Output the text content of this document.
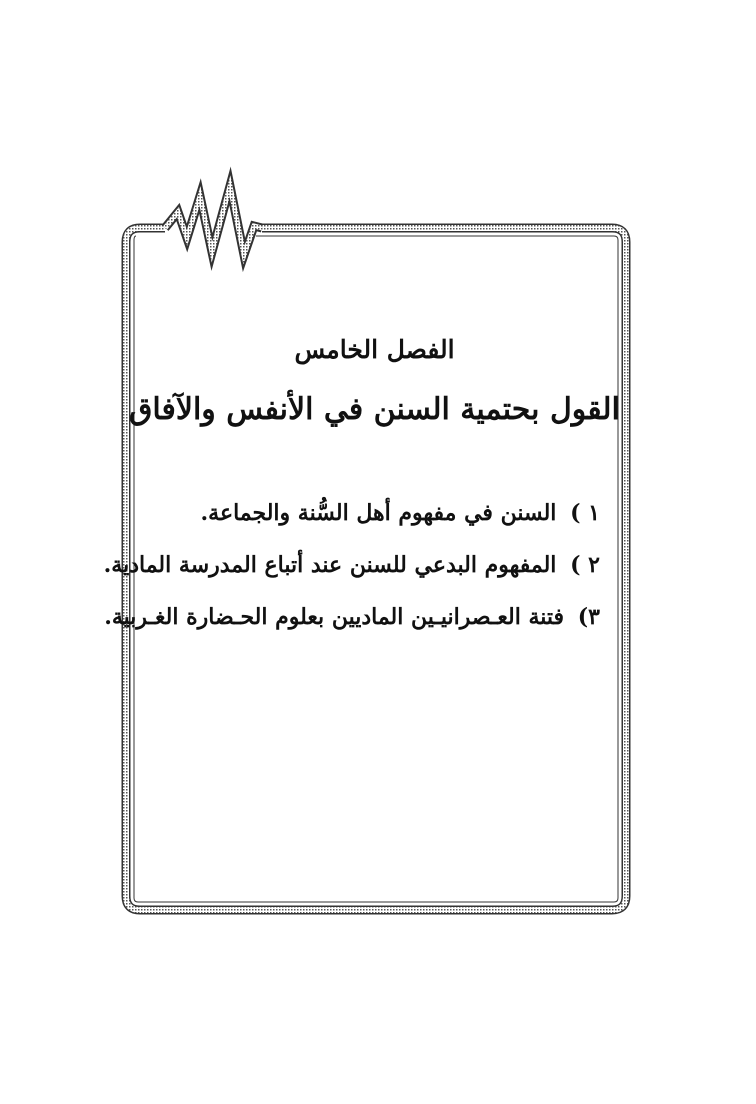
الفصل الخامس
القول بحتمية السنن في الأنفس والآفاق
١ ) السنن في مفهوم أهل السُّنة والجماعة.
٢ ) المفهوم البدعي للسنن عند أتباع المدرسة المادية.
٣) فتنة العـصرانيـين الماديين بعلوم الحـضارة الغـربية.
